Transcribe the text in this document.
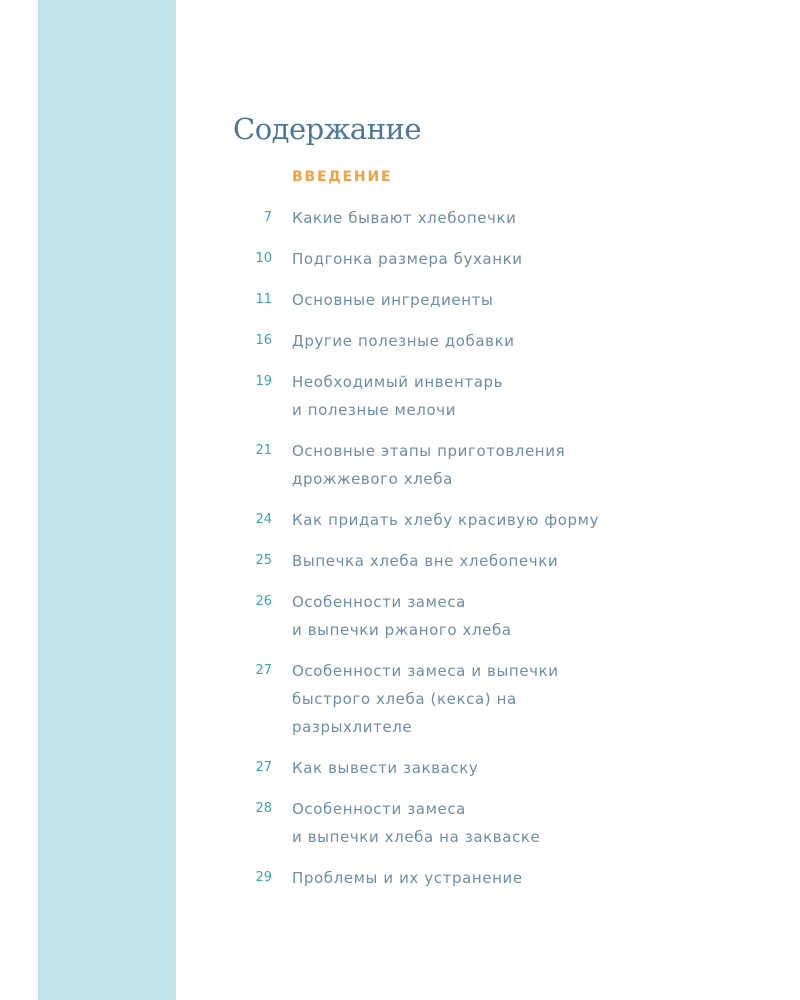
Содержание
ВВЕДЕНИЕ
7 Какие бывают хлебопечки
10 Подгонка размера буханки
11 Основные ингредиенты
16 Другие полезные добавки
19 Необходимый инвентарь
и полезные мелочи
21 Основные этапы приготовления
дрожжевого хлеба
24 Как придать хлебу красивую форму
25 Выпечка хлеба вне хлебопечки
26 Особенности замеса
и выпечки ржаного хлеба
27 Особенности замеса и выпечки
быстрого хлеба (кекса) на
разрыхлителе
27 Как вывести закваску
28 Особенности замеса
и выпечки хлеба на закваске
29 Проблемы и их устранение
